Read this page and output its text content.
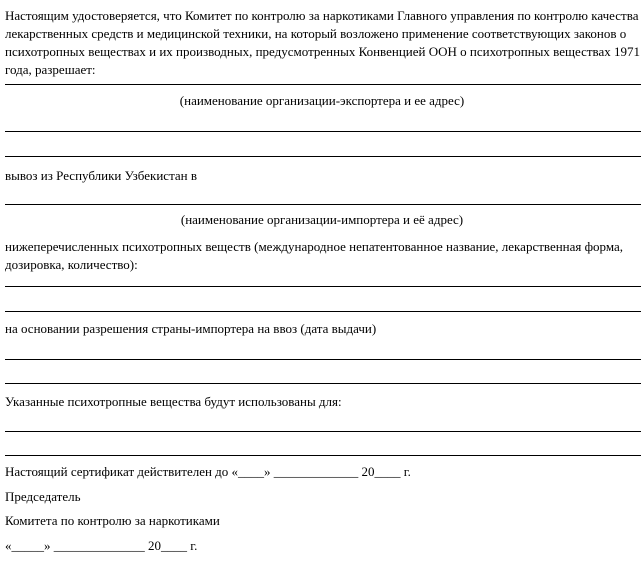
Настоящим удостоверяется, что Комитет по контролю за наркотиками Главного управления по контролю качества лекарственных средств и медицинской техники, на который возложено применение соответствующих законов о психотропных веществах и их производных, предусмотренных Конвенцией ООН о психотропных веществах 1971 года, разрешает:
(наименование организации-экспортера и ее адрес)
вывоз из Республики Узбекистан в
(наименование организации-импортера и её адрес)
нижеперечисленных психотропных веществ (международное непатентованное название, лекарственная форма, дозировка, количество):
на основании разрешения страны-импортера на ввоз (дата выдачи)
Указанные психотропные вещества будут использованы для:
Настоящий сертификат действителен до «____» _____________ 20____ г.
Председатель
Комитета по контролю за наркотиками
«_____» ______________ 20____ г.
